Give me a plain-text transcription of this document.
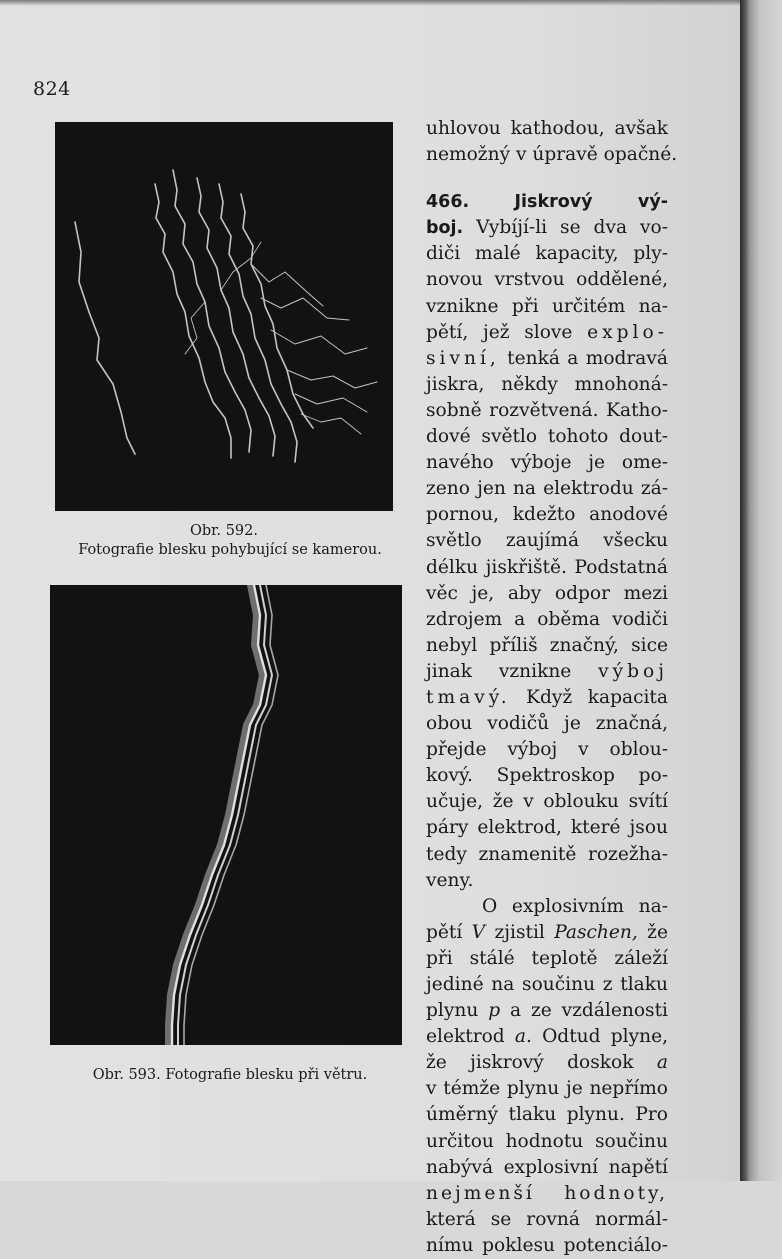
824
Obr. 592.
Fotografie blesku pohybující se kamerou.
Obr. 593. Fotografie blesku při větru.
uhlovou kathodou, avšak
nemožný v úpravě opačné.
466. Jiskrový vý-
boj. Vybíjí-li se dva vo-
diči malé kapacity, ply-
novou vrstvou oddělené,
vznikne při určitém na-
pětí, jež slove explo-
sivní, tenká a modravá
jiskra, někdy mnohoná-
sobně rozvětvená. Katho-
dové světlo tohoto dout-
navého výboje je ome-
zeno jen na elektrodu zá-
pornou, kdežto anodové
světlo zaujímá všecku
délku jiskřiště. Podstatná
věc je, aby odpor mezi
zdrojem a oběma vodiči
nebyl příliš značný, sice
jinak vznikne výboj
tmavý. Když kapacita
obou vodičů je značná,
přejde výboj v oblou-
kový. Spektroskop po-
učuje, že v oblouku svítí
páry elektrod, které jsou
tedy znamenitě rozežha-
veny.
O explosivním na-
pětí V zjistil Paschen, že
při stálé teplotě záleží
jediné na součinu z tlaku
plynu p a ze vzdálenosti
elektrod a. Odtud plyne,
že jiskrový doskok a
v témže plynu je nepřímo
úměrný tlaku plynu. Pro
určitou hodnotu součinu
nabývá explosivní napětí
nejmenší hodnoty,
která se rovná normál-
nímu poklesu potenciálo-
